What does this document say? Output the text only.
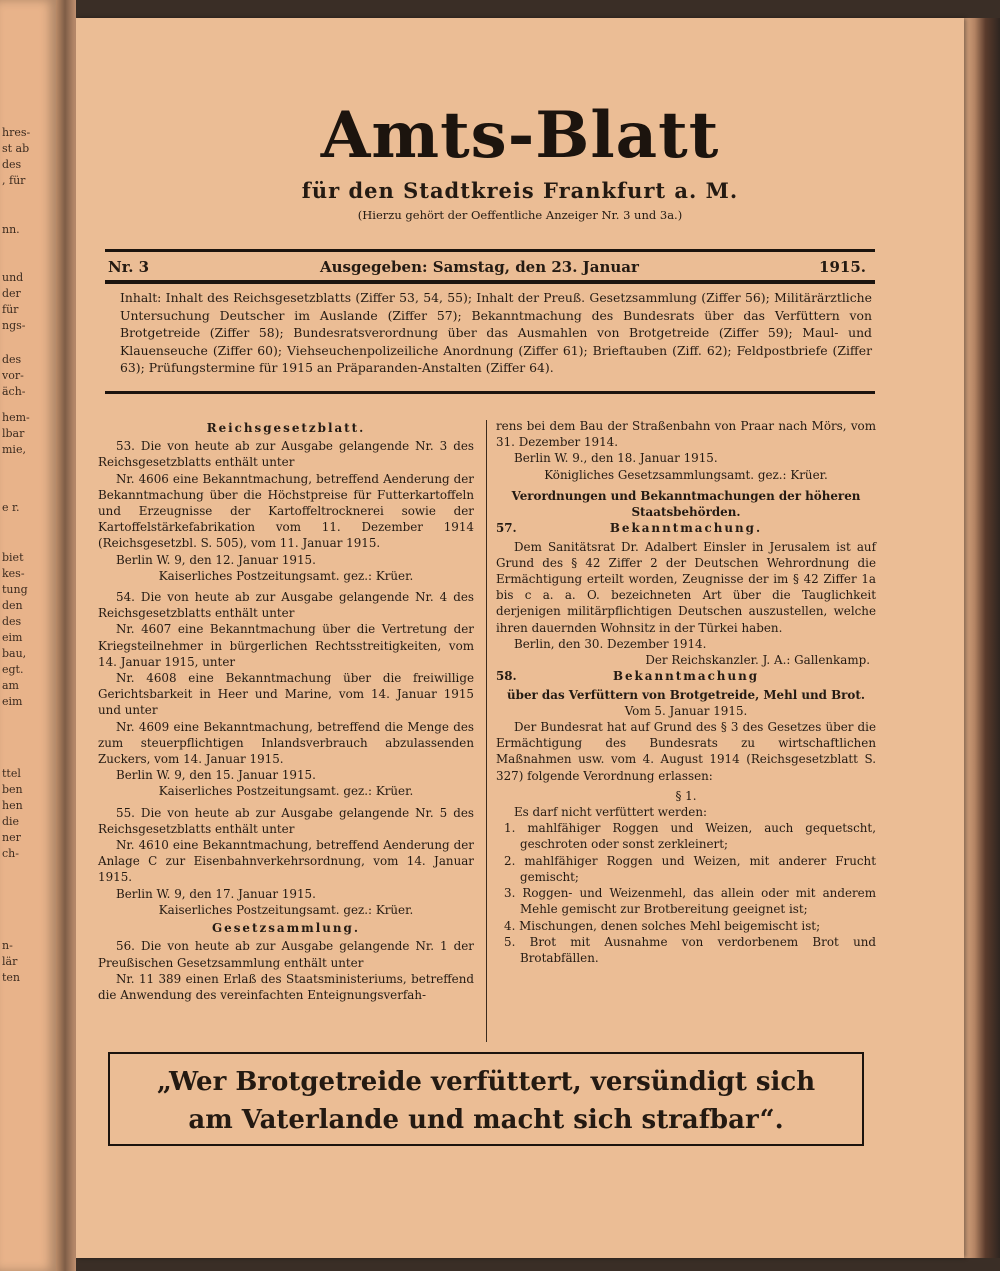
hres-
st ab
des
, für
nn.
und
der
für
ngs-
des
vor-
äch-
hem-
lbar
mie,
e r.
biet
kes-
tung
den
des
eim
bau,
egt.
am
eim
ttel
ben
hen
die
ner
ch-
n-
lär
ten
Amts-Blatt
für den Stadtkreis Frankfurt a. M.
(Hierzu gehört der Oeffentliche Anzeiger Nr. 3 und 3a.)
Nr. 3	Ausgegeben: Samstag, den 23. Januar	1915.
Inhalt: Inhalt des Reichsgesetzblatts (Ziffer 53, 54, 55); Inhalt der Preuß. Gesetzsammlung (Ziffer 56); Militärärztliche Untersuchung Deutscher im Auslande (Ziffer 57); Bekanntmachung des Bundesrats über das Verfüttern von Brotgetreide (Ziffer 58); Bundesratsverordnung über das Ausmahlen von Brotgetreide (Ziffer 59); Maul- und Klauenseuche (Ziffer 60); Viehseuchenpolizeiliche Anordnung (Ziffer 61); Brieftauben (Ziff. 62); Feldpostbriefe (Ziffer 63); Prüfungstermine für 1915 an Präparanden-Anstalten (Ziffer 64).

Reichsgesetzblatt.

53. Die von heute ab zur Ausgabe gelangende Nr. 3 des Reichsgesetzblatts enthält unter

Nr. 4606 eine Bekanntmachung, betreffend Aenderung der Bekanntmachung über die Höchstpreise für Futterkartoffeln und Erzeugnisse der Kartoffeltrocknerei sowie der Kartoffelstärkefabrikation vom 11. Dezember 1914 (Reichsgesetzbl. S. 505), vom 11. Januar 1915.

Berlin W. 9, den 12. Januar 1915.

Kaiserliches Postzeitungsamt. gez.: Krüer.

54. Die von heute ab zur Ausgabe gelangende Nr. 4 des Reichsgesetzblatts enthält unter

Nr. 4607 eine Bekanntmachung über die Vertretung der Kriegsteilnehmer in bürgerlichen Rechtsstreitigkeiten, vom 14. Januar 1915, unter

Nr. 4608 eine Bekanntmachung über die freiwillige Gerichtsbarkeit in Heer und Marine, vom 14. Januar 1915 und unter

Nr. 4609 eine Bekanntmachung, betreffend die Menge des zum steuerpflichtigen Inlandsverbrauch abzulassenden Zuckers, vom 14. Januar 1915.

Berlin W. 9, den 15. Januar 1915.

Kaiserliches Postzeitungsamt. gez.: Krüer.

55. Die von heute ab zur Ausgabe gelangende Nr. 5 des Reichsgesetzblatts enthält unter

Nr. 4610 eine Bekanntmachung, betreffend Aenderung der Anlage C zur Eisenbahnverkehrsordnung, vom 14. Januar 1915.

Berlin W. 9, den 17. Januar 1915.

Kaiserliches Postzeitungsamt. gez.: Krüer.

Gesetzsammlung.

56. Die von heute ab zur Ausgabe gelangende Nr. 1 der Preußischen Gesetzsammlung enthält unter

Nr. 11 389 einen Erlaß des Staatsministeriums, betreffend die Anwendung des vereinfachten Enteignungsverfah-

rens bei dem Bau der Straßenbahn von Praar nach Mörs, vom 31. Dezember 1914.

Berlin W. 9., den 18. Januar 1915.

Königliches Gesetzsammlungsamt. gez.: Krüer.

Verordnungen und Bekanntmachungen der höheren Staatsbehörden.

57.	Bekanntmachung.

Dem Sanitätsrat Dr. Adalbert Einsler in Jerusalem ist auf Grund des § 42 Ziffer 2 der Deutschen Wehrordnung die Ermächtigung erteilt worden, Zeugnisse der im § 42 Ziffer 1a bis c a. a. O. bezeichneten Art über die Tauglichkeit derjenigen militärpflichtigen Deutschen auszustellen, welche ihren dauernden Wohnsitz in der Türkei haben.

Berlin, den 30. Dezember 1914.

Der Reichskanzler. J. A.: Gallenkamp.

58.	Bekanntmachung

über das Verfüttern von Brotgetreide, Mehl und Brot.

Vom 5. Januar 1915.

Der Bundesrat hat auf Grund des § 3 des Gesetzes über die Ermächtigung des Bundesrats zu wirtschaftlichen Maßnahmen usw. vom 4. August 1914 (Reichsgesetzblatt S. 327) folgende Verordnung erlassen:

§ 1.

Es darf nicht verfüttert werden:

1. mahlfähiger Roggen und Weizen, auch gequetscht, geschroten oder sonst zerkleinert;

2. mahlfähiger Roggen und Weizen, mit anderer Frucht gemischt;

3. Roggen- und Weizenmehl, das allein oder mit anderem Mehle gemischt zur Brotbereitung geeignet ist;

4. Mischungen, denen solches Mehl beigemischt ist;

5. Brot mit Ausnahme von verdorbenem Brot und Brotabfällen.

„Wer Brotgetreide verfüttert, versündigt sich
am Vaterlande und macht sich strafbar“.
